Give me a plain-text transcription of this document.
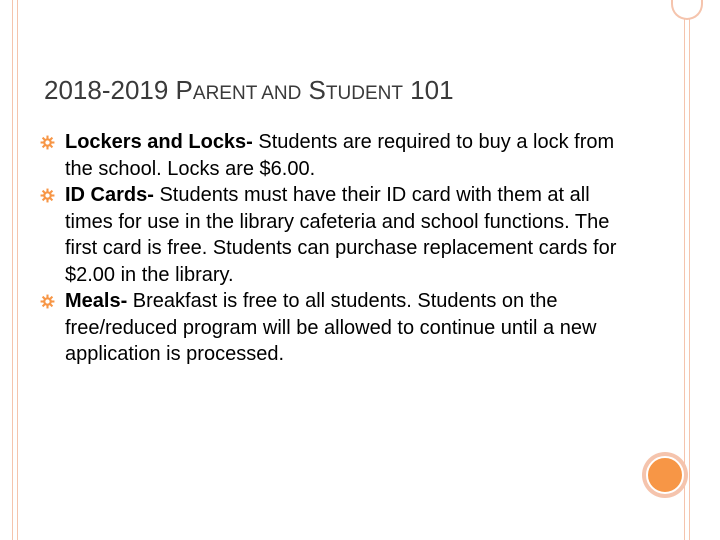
2018-2019 PARENT AND STUDENT 101
Lockers and Locks- Students are required to buy a lock from the school. Locks are $6.00.
ID Cards- Students must have their ID card with them at all times for use in the library cafeteria and school functions. The first card is free. Students can purchase replacement cards for $2.00 in the library.
Meals- Breakfast is free to all students. Students on the free/reduced program will be allowed to continue until a new application is processed.
